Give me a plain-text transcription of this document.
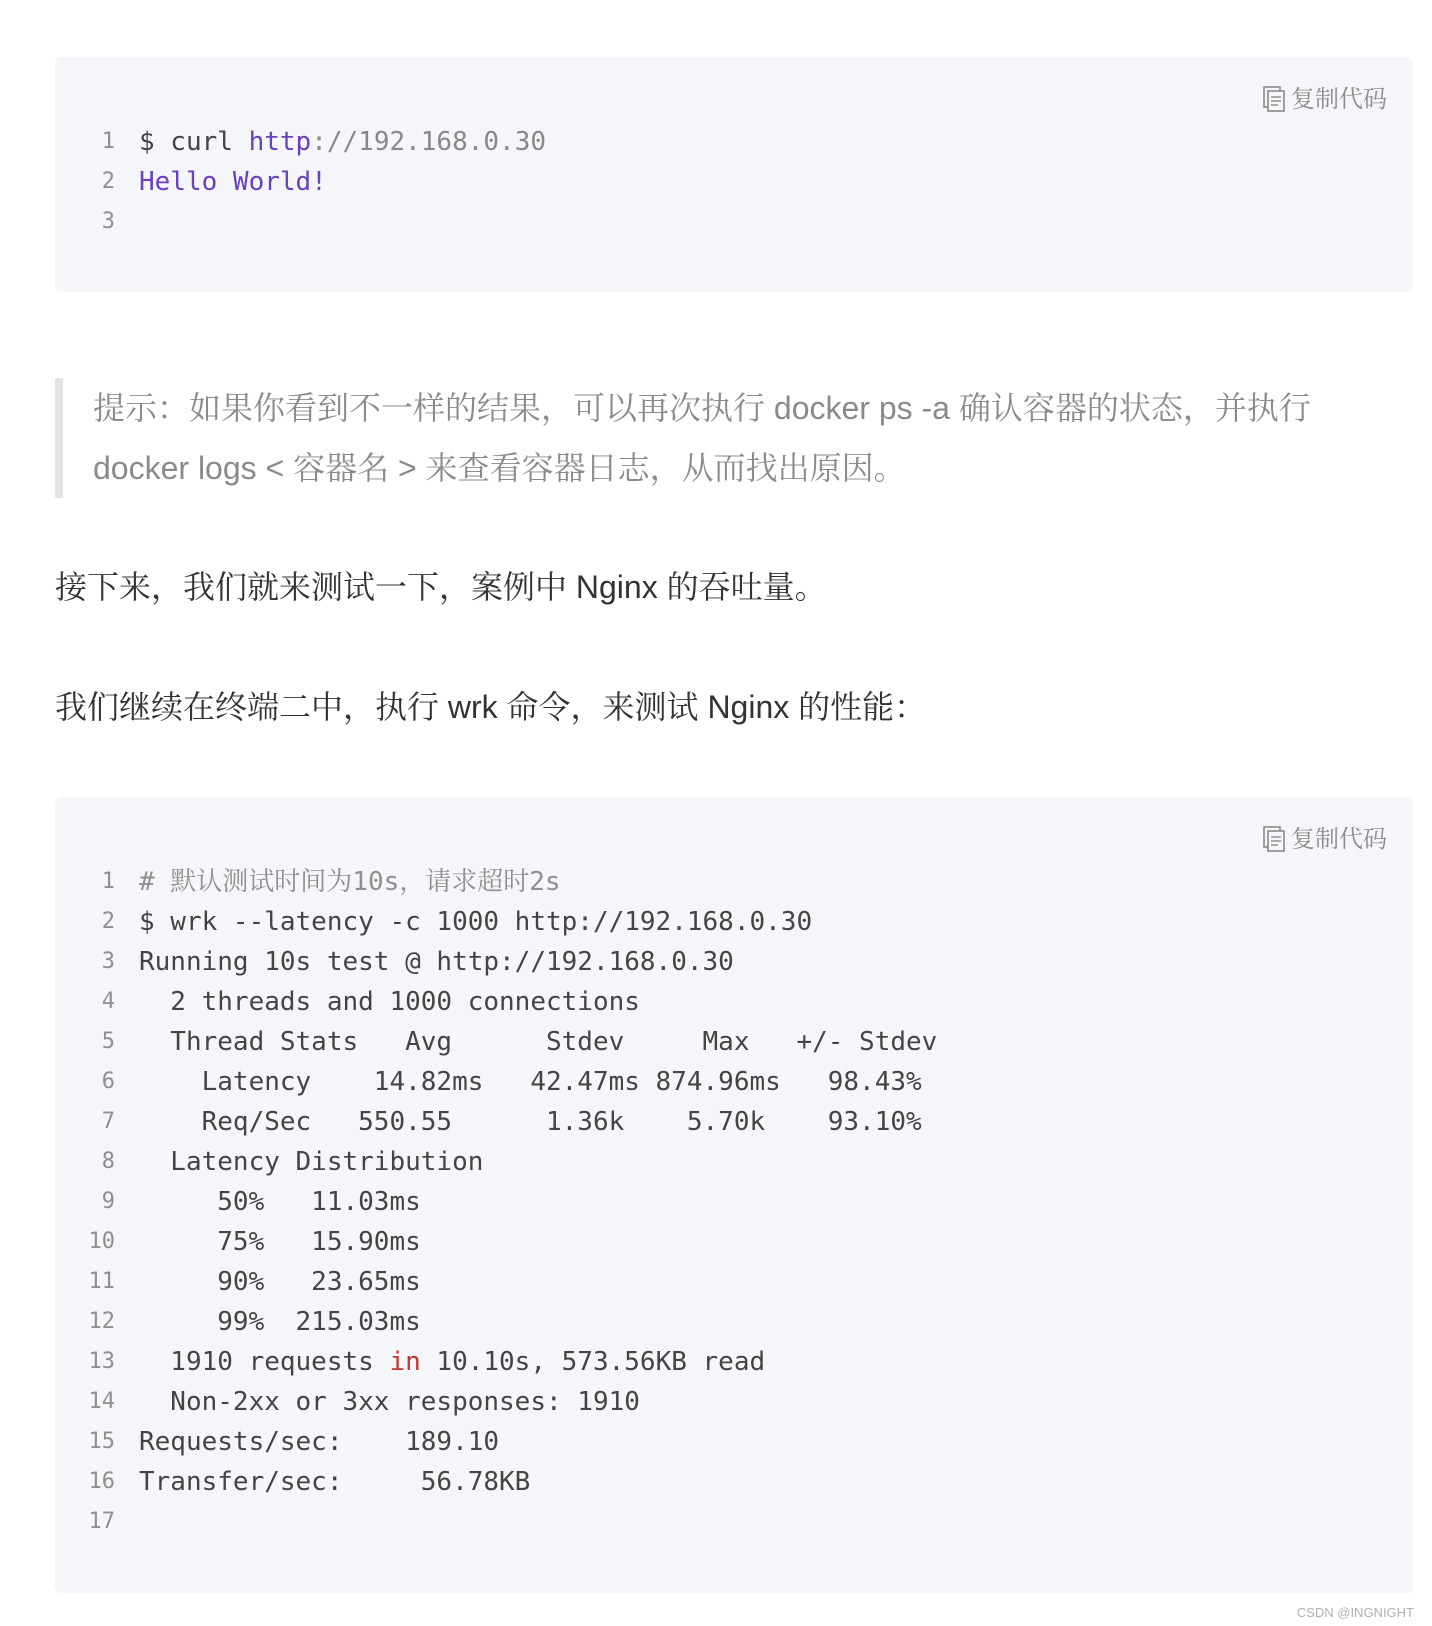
复制代码
1 $ curl http://192.168.0.30
2 Hello World!
3
提示：如果你看到不一样的结果，可以再次执行 docker ps -a 确认容器的状态，并执行 docker logs < 容器名 > 来查看容器日志，从而找出原因。
接下来，我们就来测试一下，案例中 Nginx 的吞吐量。
我们继续在终端二中，执行 wrk 命令，来测试 Nginx 的性能：
复制代码
1 # 默认测试时间为10s，请求超时2s
2 $ wrk --latency -c 1000 http://192.168.0.30
3 Running 10s test @ http://192.168.0.30
4 2 threads and 1000 connections
5 Thread Stats   Avg      Stdev     Max   +/- Stdev
6 Latency    14.82ms   42.47ms 874.96ms   98.43%
7 Req/Sec   550.55      1.36k    5.70k    93.10%
8 Latency Distribution
9 50%   11.03ms
10 75%   15.90ms
11 90%   23.65ms
12 99%  215.03ms
13 1910 requests in 10.10s, 573.56KB read
14 Non-2xx or 3xx responses: 1910
15 Requests/sec:    189.10
16 Transfer/sec:     56.78KB
17
CSDN @INGNIGHT
